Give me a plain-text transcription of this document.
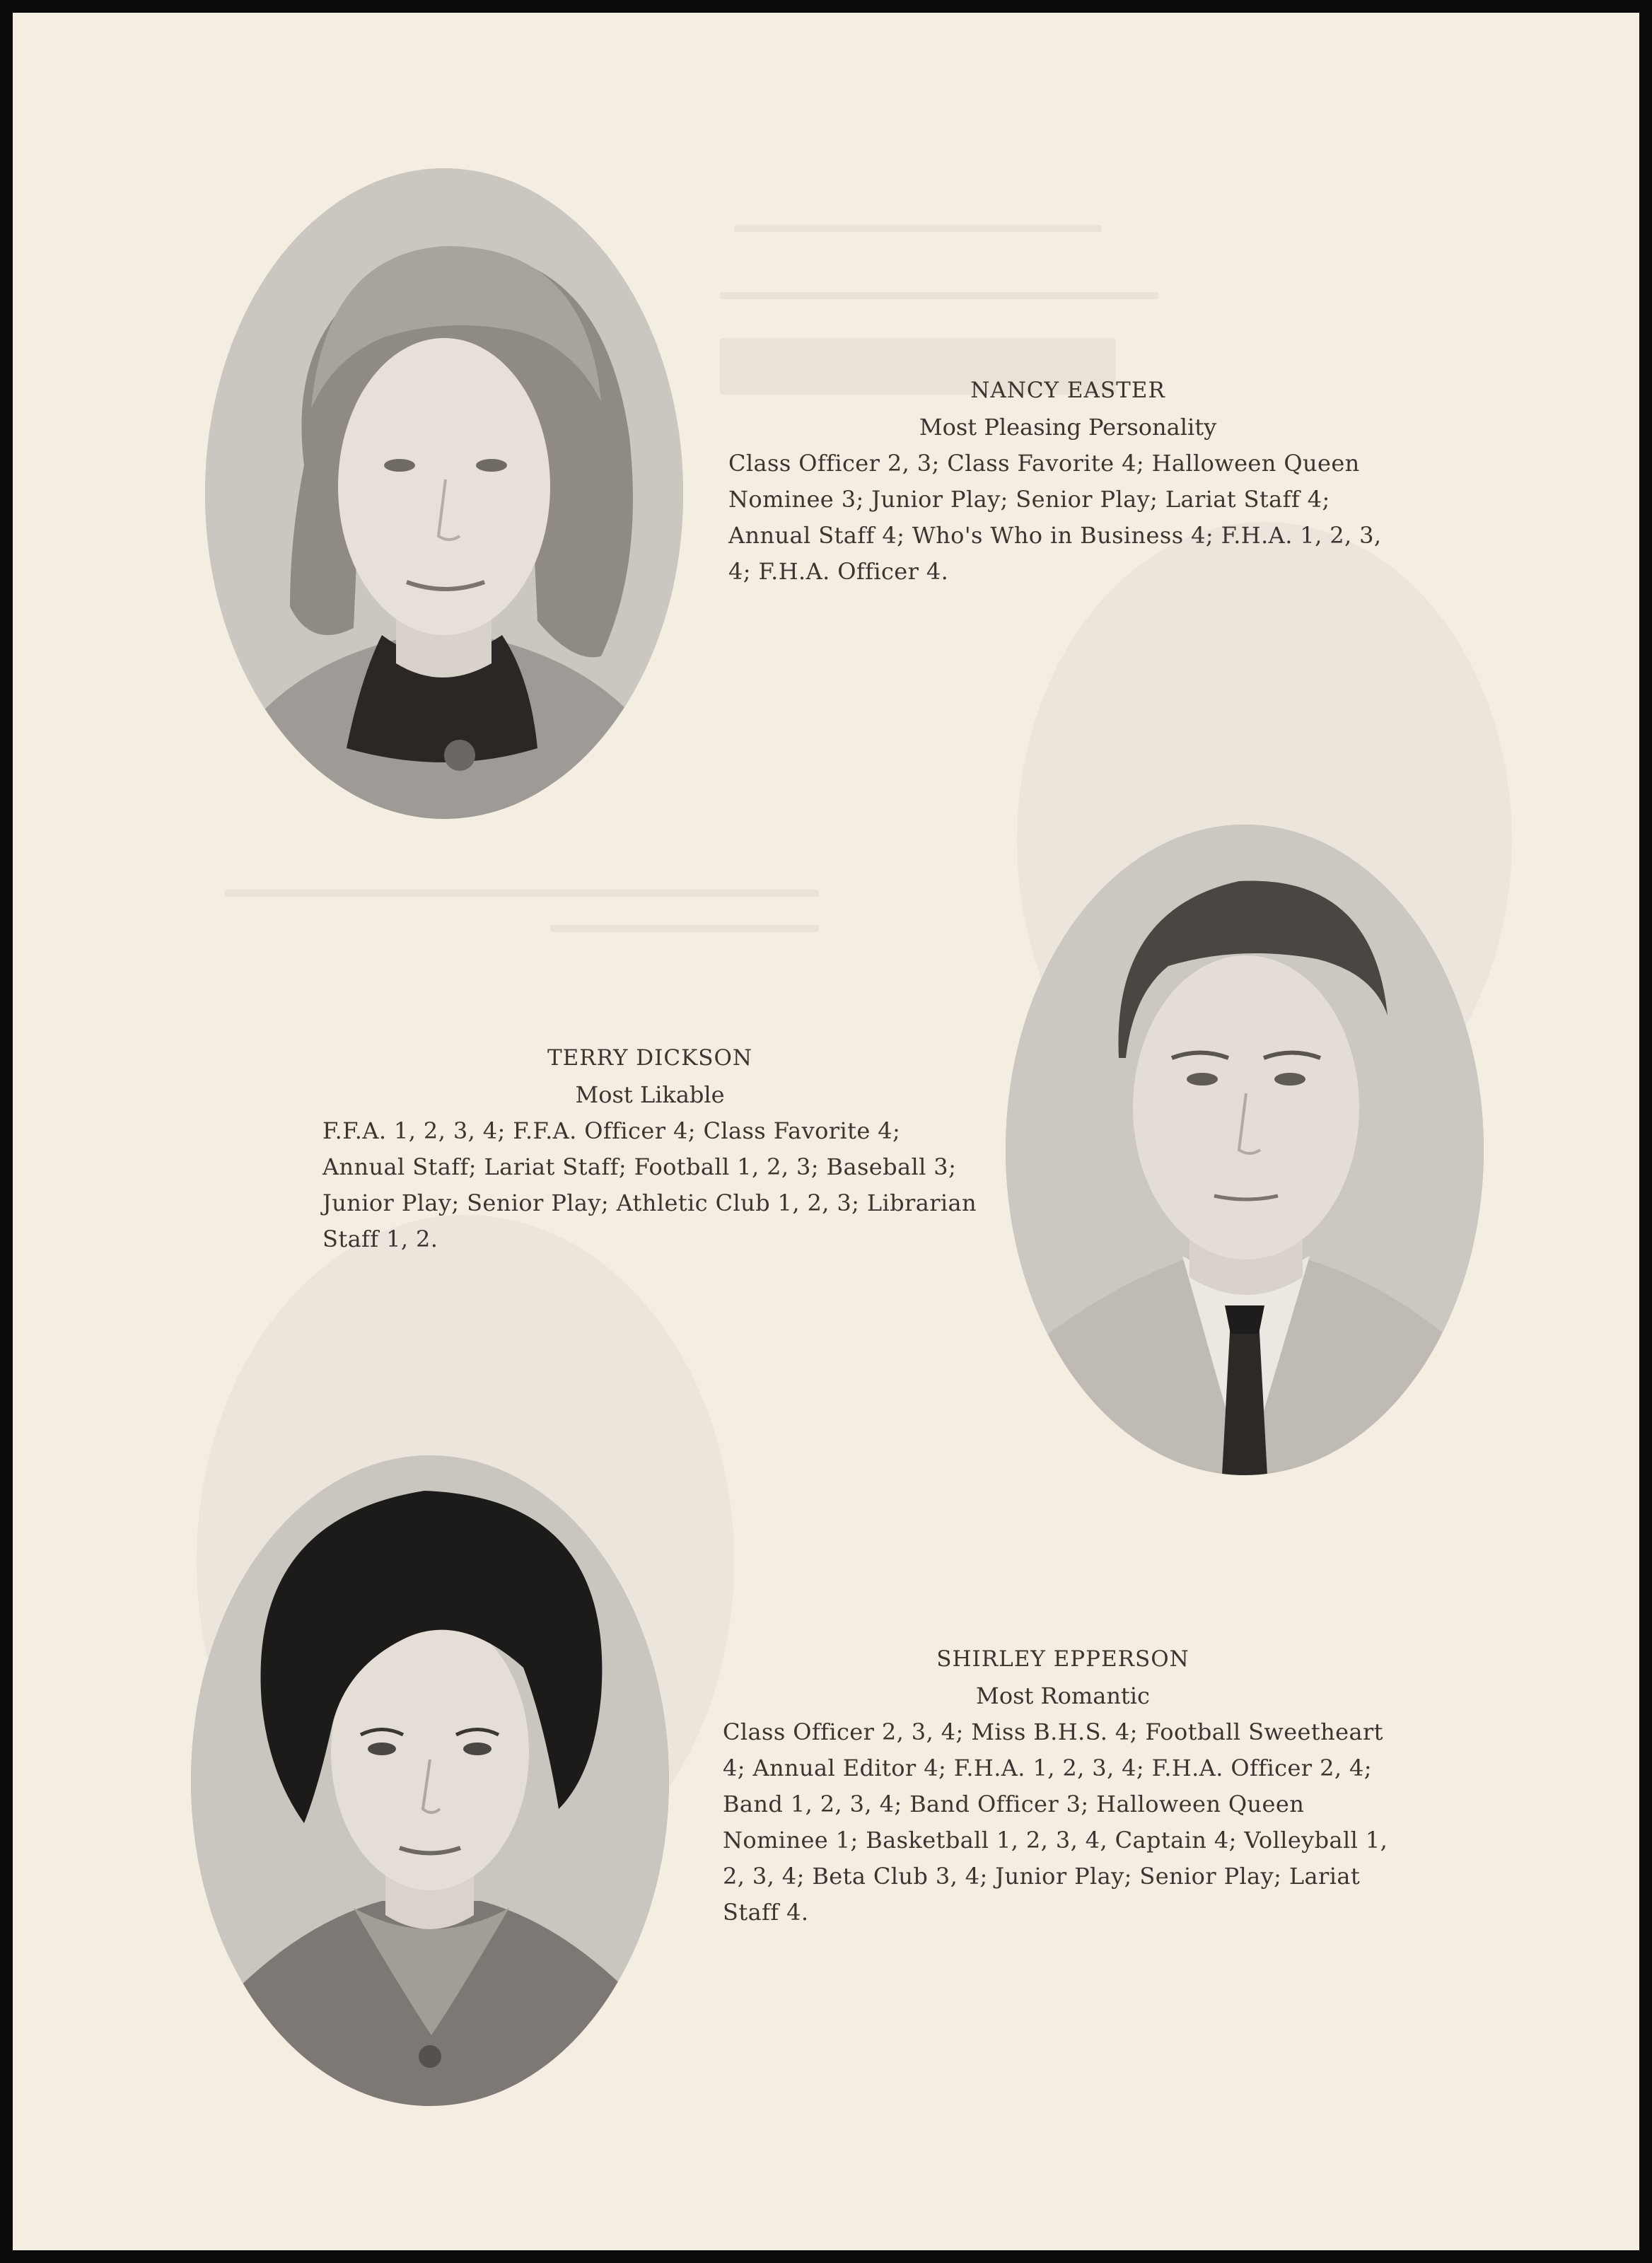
NANCY EASTER
Most Pleasing Personality
Class Officer 2, 3; Class Favorite 4; Halloween Queen Nominee 3; Junior Play; Senior Play; Lariat Staff 4; Annual Staff 4; Who's Who in Business 4; F.H.A. 1, 2, 3, 4; F.H.A. Officer 4.
TERRY DICKSON
Most Likable
F.F.A. 1, 2, 3, 4; F.F.A. Officer 4; Class Favorite 4; Annual Staff; Lariat Staff; Football 1, 2, 3; Baseball 3; Junior Play; Senior Play; Athletic Club 1, 2, 3; Librarian Staff 1, 2.
SHIRLEY EPPERSON
Most Romantic
Class Officer 2, 3, 4; Miss B.H.S. 4; Football Sweetheart 4; Annual Editor 4; F.H.A. 1, 2, 3, 4; F.H.A. Officer 2, 4; Band 1, 2, 3, 4; Band Officer 3; Halloween Queen Nominee 1; Basketball 1, 2, 3, 4, Captain 4; Volleyball 1, 2, 3, 4; Beta Club 3, 4; Junior Play; Senior Play; Lariat Staff 4.
